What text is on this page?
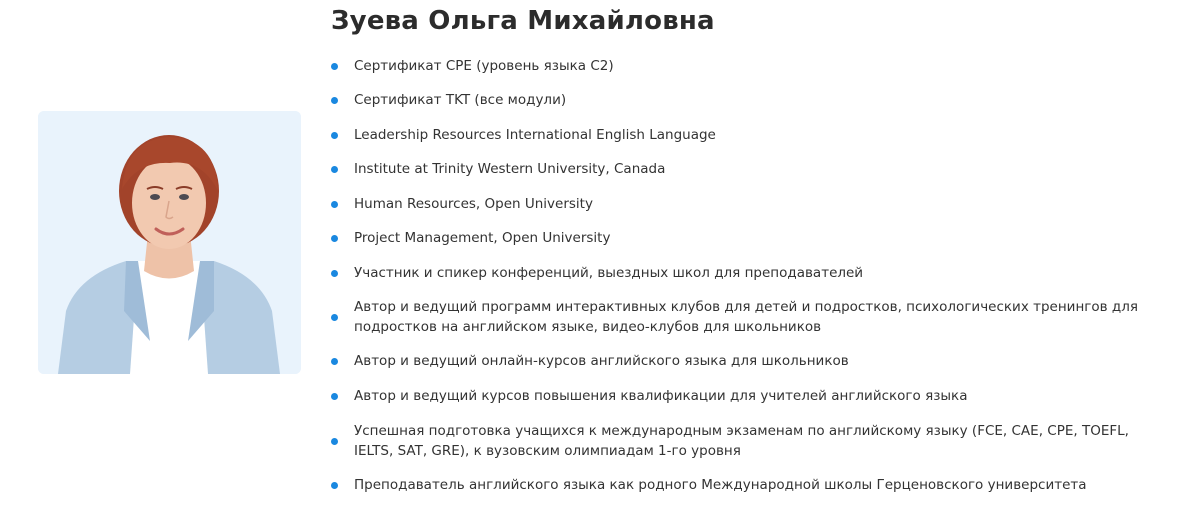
Зуева Ольга Михайловна
Сертификат CPE (уровень языка C2)
Сертификат TKT (все модули)
Leadership Resources International English Language
Institute at Trinity Western University, Canada
Human Resources, Open University
Project Management, Open University
Участник и спикер конференций, выездных школ для преподавателей
Автор и ведущий программ интерактивных клубов для детей и подростков, психологических тренингов для подростков на английском языке, видео-клубов для школьников
Автор и ведущий онлайн-курсов английского языка для школьников
Автор и ведущий курсов повышения квалификации для учителей английского языка
Успешная подготовка учащихся к международным экзаменам по английскому языку (FCE, CAE, CPE, TOEFL, IELTS, SAT, GRE), к вузовским олимпиадам 1-го уровня
Преподаватель английского языка как родного Международной школы Герценовского университета
